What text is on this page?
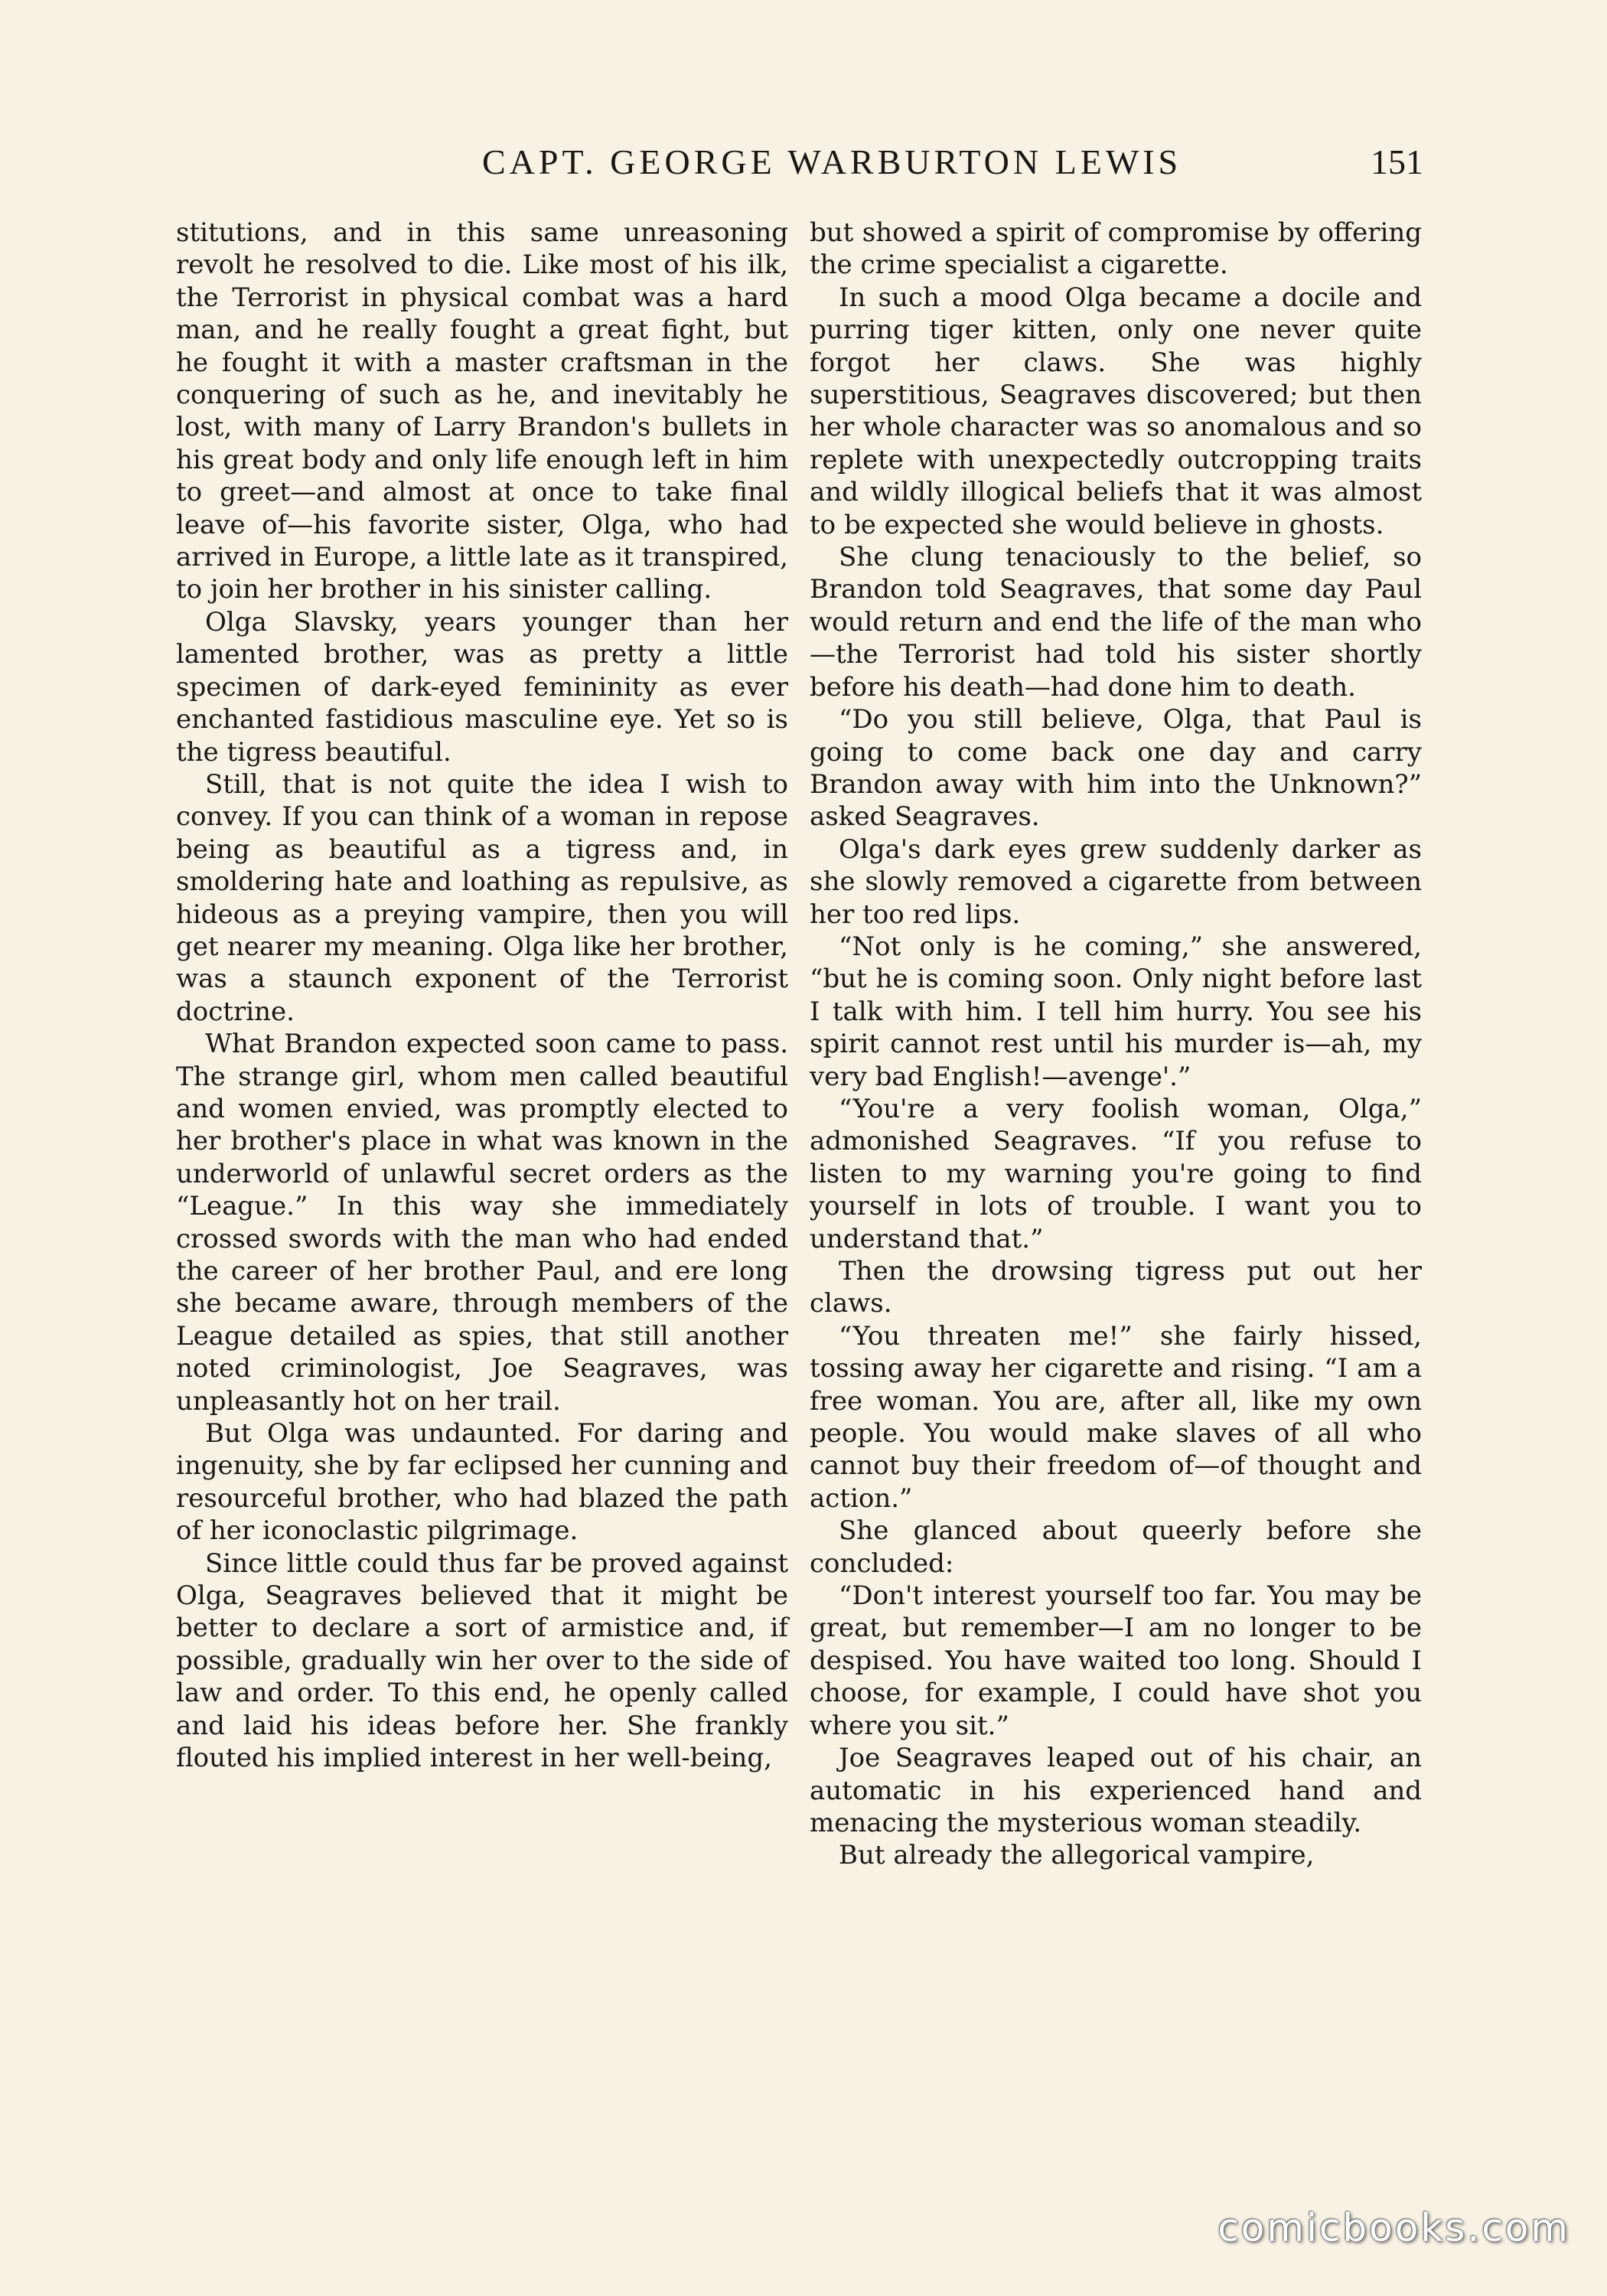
CAPT. GEORGE WARBURTON LEWIS	151

stitutions, and in this same unreasoning revolt he resolved to die. Like most of his ilk, the Terrorist in physical combat was a hard man, and he really fought a great fight, but he fought it with a master craftsman in the conquering of such as he, and inevitably he lost, with many of Larry Brandon's bullets in his great body and only life enough left in him to greet—and almost at once to take final leave of—his favorite sister, Olga, who had arrived in Europe, a little late as it transpired, to join her brother in his sinister calling.

Olga Slavsky, years younger than her lamented brother, was as pretty a little specimen of dark-eyed femininity as ever enchanted fastidious masculine eye. Yet so is the tigress beautiful.

Still, that is not quite the idea I wish to convey. If you can think of a woman in repose being as beautiful as a tigress and, in smoldering hate and loathing as repulsive, as hideous as a preying vampire, then you will get nearer my meaning. Olga like her brother, was a staunch exponent of the Terrorist doctrine.

What Brandon expected soon came to pass. The strange girl, whom men called beautiful and women envied, was promptly elected to her brother's place in what was known in the underworld of unlawful secret orders as the “League.” In this way she immediately crossed swords with the man who had ended the career of her brother Paul, and ere long she became aware, through members of the League detailed as spies, that still another noted criminologist, Joe Seagraves, was unpleasantly hot on her trail.

But Olga was undaunted. For daring and ingenuity, she by far eclipsed her cunning and resourceful brother, who had blazed the path of her iconoclastic pilgrimage.

Since little could thus far be proved against Olga, Seagraves believed that it might be better to declare a sort of armistice and, if possible, gradually win her over to the side of law and order. To this end, he openly called and laid his ideas before her. She frankly flouted his implied interest in her well-being,

but showed a spirit of compromise by offering the crime specialist a cigarette.

In such a mood Olga became a docile and purring tiger kitten, only one never quite forgot her claws. She was highly superstitious, Seagraves discovered; but then her whole character was so anomalous and so replete with unexpectedly outcropping traits and wildly illogical beliefs that it was almost to be expected she would believe in ghosts.

She clung tenaciously to the belief, so Brandon told Seagraves, that some day Paul would return and end the life of the man who—the Terrorist had told his sister shortly before his death—had done him to death.

“Do you still believe, Olga, that Paul is going to come back one day and carry Brandon away with him into the Unknown?” asked Seagraves.

Olga's dark eyes grew suddenly darker as she slowly removed a cigarette from between her too red lips.

“Not only is he coming,” she answered, “but he is coming soon. Only night before last I talk with him. I tell him hurry. You see his spirit cannot rest until his murder is—ah, my very bad English!—avenge'.”

“You're a very foolish woman, Olga,” admonished Seagraves. “If you refuse to listen to my warning you're going to find yourself in lots of trouble. I want you to understand that.”

Then the drowsing tigress put out her claws.

“You threaten me!” she fairly hissed, tossing away her cigarette and rising. “I am a free woman. You are, after all, like my own people. You would make slaves of all who cannot buy their freedom of—of thought and action.”

She glanced about queerly before she concluded:

“Don't interest yourself too far. You may be great, but remember—I am no longer to be despised. You have waited too long. Should I choose, for example, I could have shot you where you sit.”

Joe Seagraves leaped out of his chair, an automatic in his experienced hand and menacing the mysterious woman steadily.

But already the allegorical vampire,

comicbooks.com
